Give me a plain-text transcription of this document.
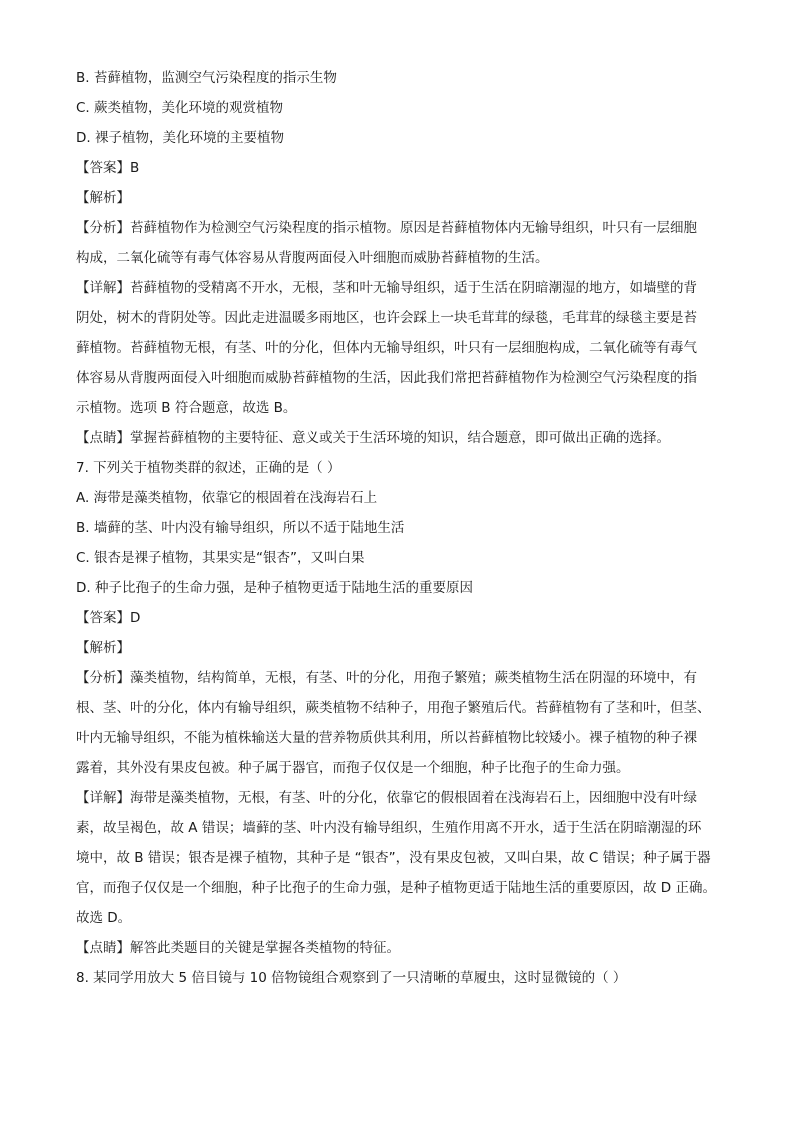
B. 苔藓植物，监测空气污染程度的指示生物

C. 蕨类植物，美化环境的观赏植物

D. 裸子植物，美化环境的主要植物

【答案】B

【解析】

【分析】苔藓植物作为检测空气污染程度的指示植物。原因是苔藓植物体内无输导组织，叶只有一层细胞
构成，二氧化硫等有毒气体容易从背腹两面侵入叶细胞而威胁苔藓植物的生活。

【详解】苔藓植物的受精离不开水，无根，茎和叶无输导组织，适于生活在阴暗潮湿的地方，如墙壁的背
阴处，树木的背阴处等。因此走进温暖多雨地区，也许会踩上一块毛茸茸的绿毯，毛茸茸的绿毯主要是苔
藓植物。苔藓植物无根，有茎、叶的分化，但体内无输导组织，叶只有一层细胞构成，二氧化硫等有毒气
体容易从背腹两面侵入叶细胞而威胁苔藓植物的生活，因此我们常把苔藓植物作为检测空气污染程度的指
示植物。选项 B 符合题意，故选 B。

【点睛】掌握苔藓植物的主要特征、意义或关于生活环境的知识，结合题意，即可做出正确的选择。

7. 下列关于植物类群的叙述，正确的是（ ）

A. 海带是藻类植物，依靠它的根固着在浅海岩石上

B. 墙藓的茎、叶内没有输导组织，所以不适于陆地生活

C. 银杏是裸子植物，其果实是“银杏”，又叫白果

D. 种子比孢子的生命力强，是种子植物更适于陆地生活的重要原因

【答案】D

【解析】

【分析】藻类植物，结构简单，无根，有茎、叶的分化，用孢子繁殖；蕨类植物生活在阴湿的环境中，有
根、茎、叶的分化，体内有输导组织，蕨类植物不结种子，用孢子繁殖后代。苔藓植物有了茎和叶，但茎、
叶内无输导组织，不能为植株输送大量的营养物质供其利用，所以苔藓植物比较矮小。裸子植物的种子裸
露着，其外没有果皮包被。种子属于器官，而孢子仅仅是一个细胞，种子比孢子的生命力强。

【详解】海带是藻类植物，无根，有茎、叶的分化，依靠它的假根固着在浅海岩石上，因细胞中没有叶绿
素，故呈褐色，故 A 错误；墙藓的茎、叶内没有输导组织，生殖作用离不开水，适于生活在阴暗潮湿的环
境中，故 B 错误；银杏是裸子植物，其种子是 “银杏”，没有果皮包被，又叫白果，故 C 错误；种子属于器
官，而孢子仅仅是一个细胞，种子比孢子的生命力强，是种子植物更适于陆地生活的重要原因，故 D 正确。
故选 D。

【点睛】解答此类题目的关键是掌握各类植物的特征。

8. 某同学用放大 5 倍目镜与 10 倍物镜组合观察到了一只清晰的草履虫，这时显微镜的（ ）
